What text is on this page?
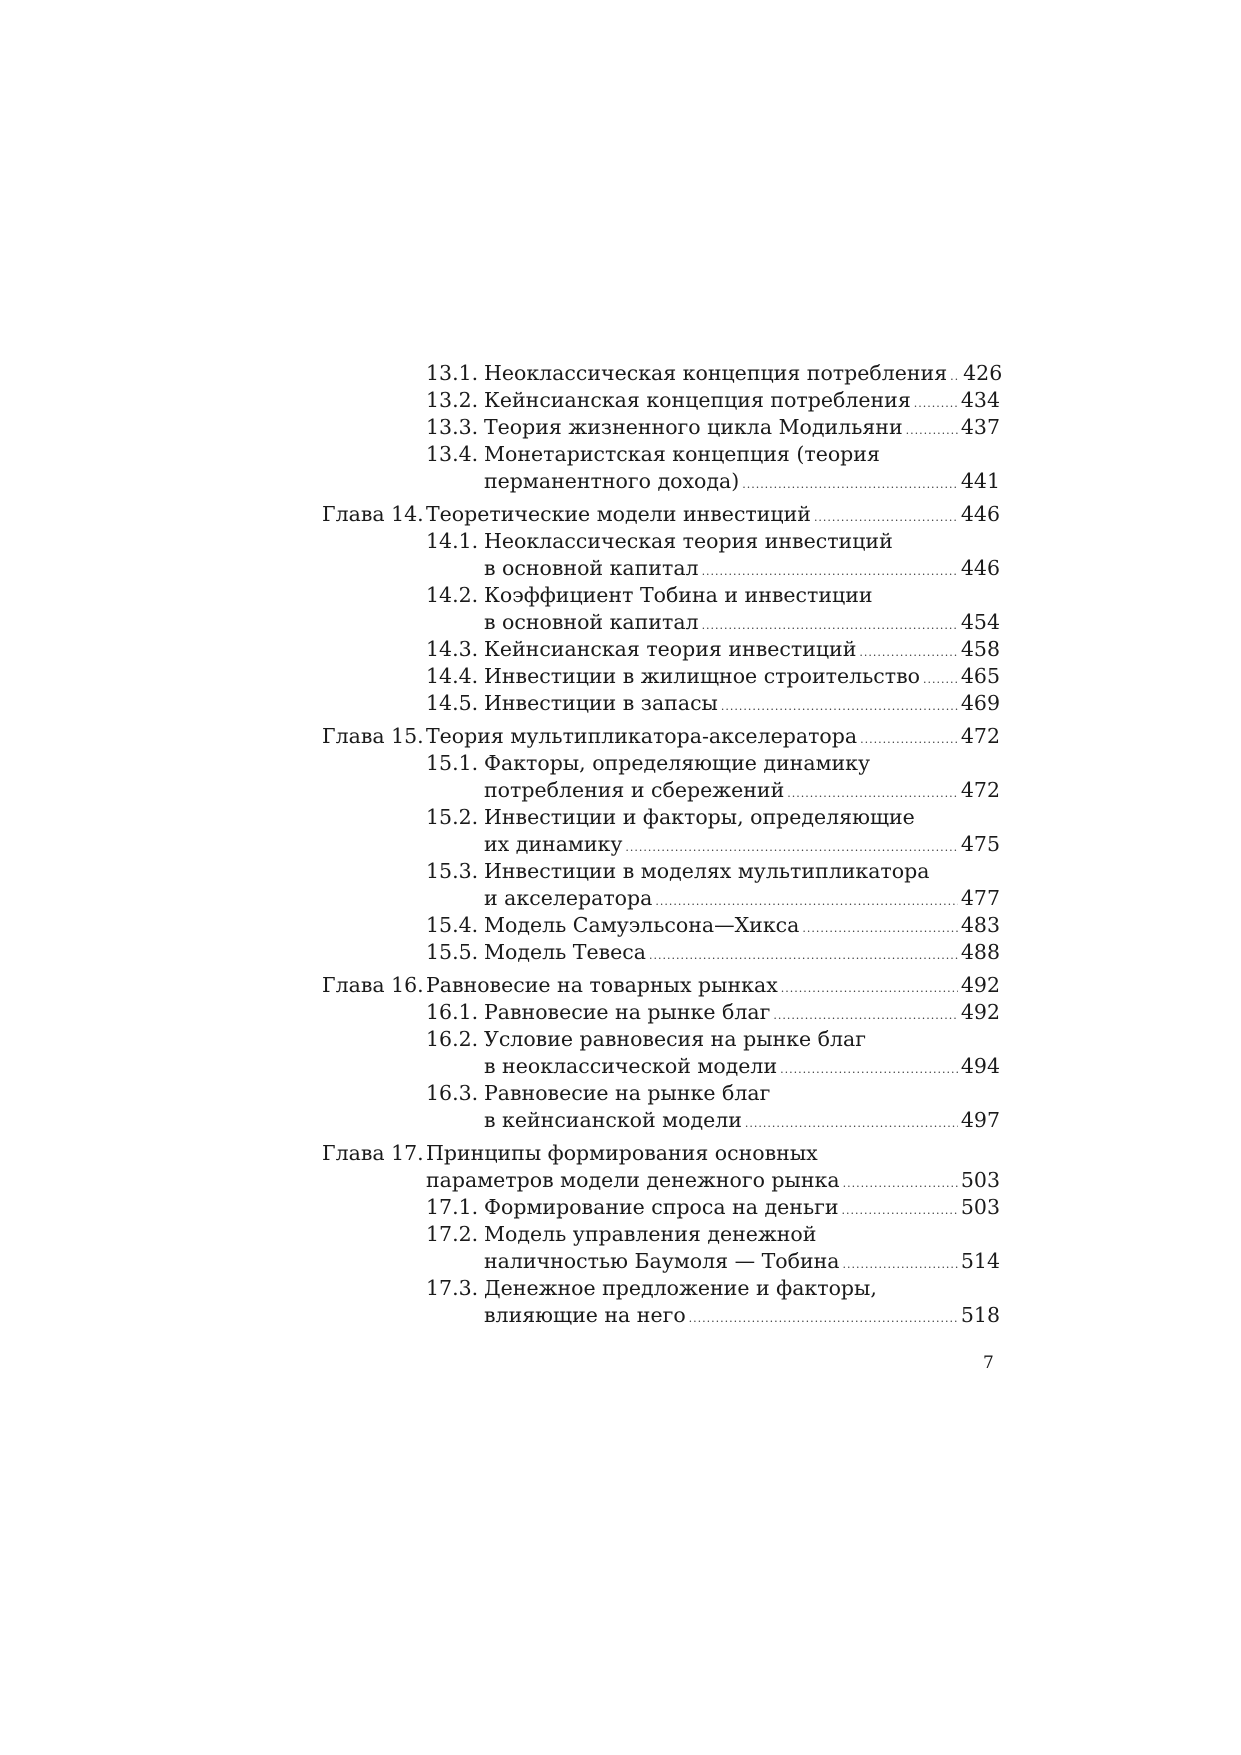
13.1. Неоклассическая концепция потребления ..... 426
13.2. Кейнсианская концепция потребления ..... 434
13.3. Теория жизненного цикла Модильяни .....	437
13.4. Монетаристская концепция (теория
перманентного дохода) .....	441
Глава 14. Теоретические модели инвестиций .....	446
14.1. Неоклассическая теория инвестиций
в основной капитал .....	446
14.2. Коэффициент Тобина и инвестиции
в основной капитал .....	454
14.3. Кейнсианская теория инвестиций .....	458
14.4. Инвестиции в жилищное строительство ..... 465
14.5. Инвестиции в запасы .....	469
Глава 15. Теория мультипликатора-акселератора .....	472
15.1. Факторы, определяющие динамику
потребления и сбережений .....	472
15.2. Инвестиции и факторы, определяющие
их динамику .....	475
15.3. Инвестиции в моделях мультипликатора
и акселератора .....	477
15.4. Модель Самуэльсона—Хикса .....	483
15.5. Модель Тевеса .....	488
Глава 16. Равновесие на товарных рынках .....	492
16.1. Равновесие на рынке благ .....	492
16.2. Условие равновесия на рынке благ
в неоклассической модели .....	494
16.3. Равновесие на рынке благ
в кейнсианской модели .....	497
Глава 17. Принципы формирования основных
параметров модели денежного рынка .....	503
17.1. Формирование спроса на деньги .....	503
17.2. Модель управления денежной
наличностью Баумоля — Тобина .....	514
17.3. Денежное предложение и факторы,
влияющие на него .....	518
7
